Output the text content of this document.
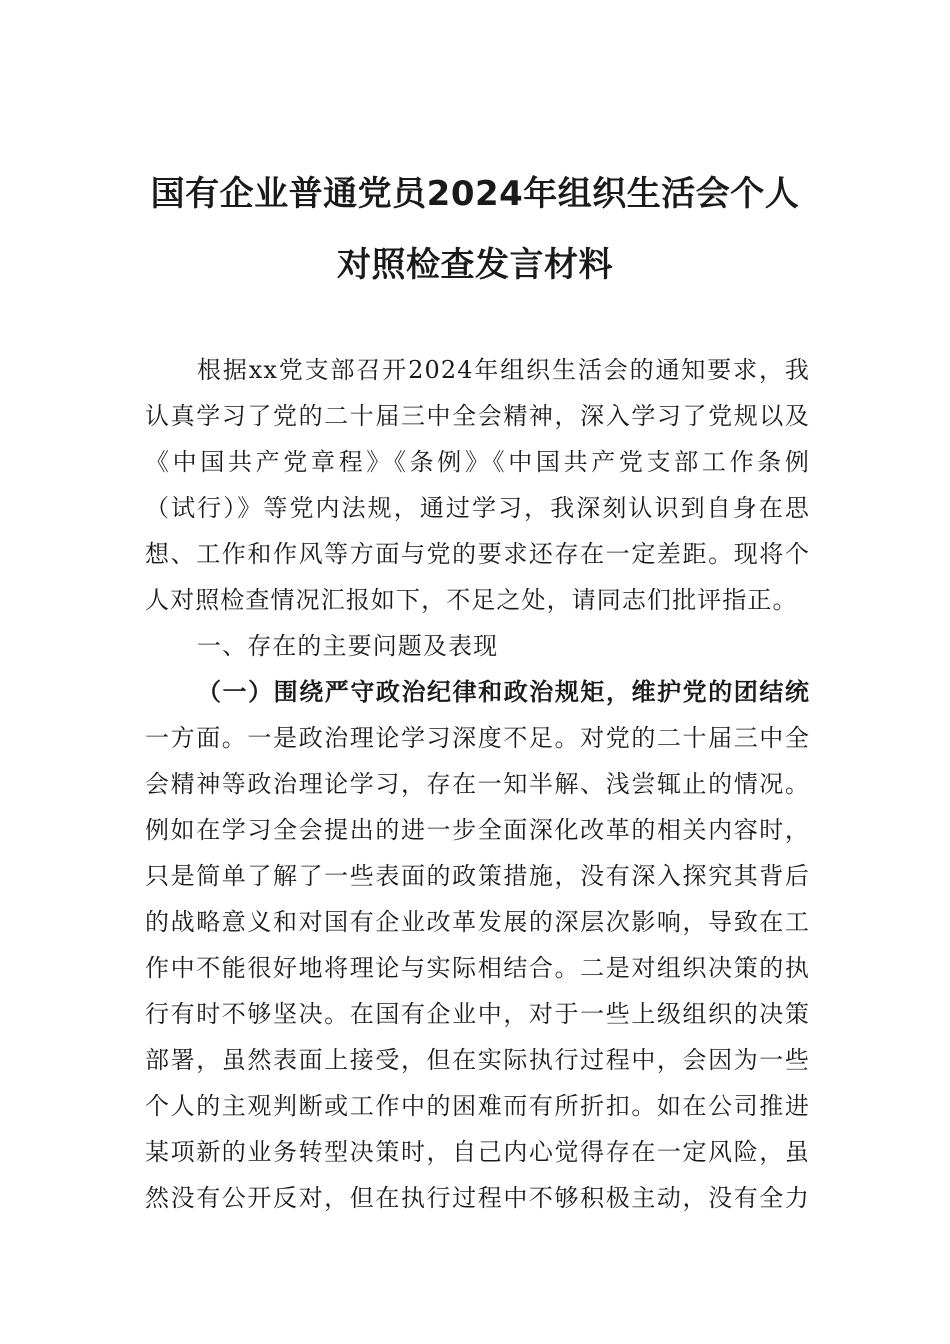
国有企业普通党员2024年组织生活会个人
对照检查发言材料
根据xx党支部召开2024年组织生活会的通知要求，我
认真学习了党的二十届三中全会精神，深入学习了党规以及
《中国共产党章程》《条例》《中国共产党支部工作条例
（试行）》等党内法规，通过学习，我深刻认识到自身在思
想、工作和作风等方面与党的要求还存在一定差距。现将个
人对照检查情况汇报如下，不足之处，请同志们批评指正。
一、存在的主要问题及表现
（一）围绕严守政治纪律和政治规矩，维护党的团结统
一方面。一是政治理论学习深度不足。对党的二十届三中全
会精神等政治理论学习，存在一知半解、浅尝辄止的情况。
例如在学习全会提出的进一步全面深化改革的相关内容时，
只是简单了解了一些表面的政策措施，没有深入探究其背后
的战略意义和对国有企业改革发展的深层次影响，导致在工
作中不能很好地将理论与实际相结合。二是对组织决策的执
行有时不够坚决。在国有企业中，对于一些上级组织的决策
部署，虽然表面上接受，但在实际执行过程中，会因为一些
个人的主观判断或工作中的困难而有所折扣。如在公司推进
某项新的业务转型决策时，自己内心觉得存在一定风险，虽
然没有公开反对，但在执行过程中不够积极主动，没有全力
